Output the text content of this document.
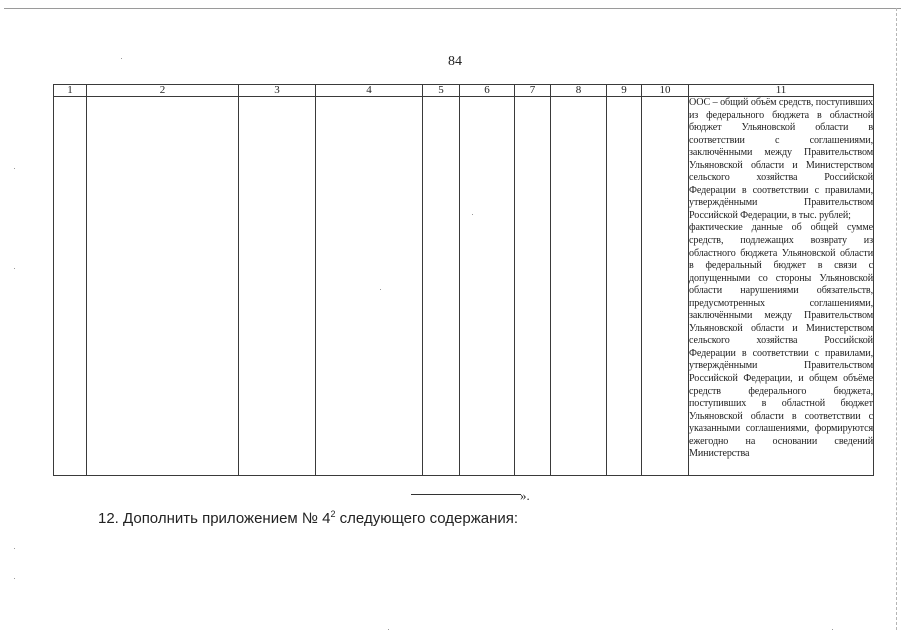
84
1	2	3	4	5	6	7	8	9	10	11

										ООС – общий объём средств, поступивших из федерального бюджета в областной бюджет Ульяновской области в соответствии с соглашениями, заключёнными между Правительством Ульяновской области и Министерством сельского хозяйства Российской Федерации в соответствии с правилами, утверждёнными Правительством Российской Федерации, в тыс. рублей;
фактические данные об общей сумме средств, подлежащих возврату из областного бюджета Ульяновской области в федеральный бюджет в связи с допущенными со стороны Ульяновской области нарушениями обязательств, предусмотренных соглашениями, заключёнными между Правительством Ульяновской области и Министерством сельского хозяйства Российской Федерации в соответствии с правилами, утверждёнными Правительством Российской Федерации, и общем объёме средств федерального бюджета, поступивших в областной бюджет Ульяновской области в соответствии с указанными соглашениями, формируются ежегодно на основании сведений Министерства
».
12. Дополнить приложением № $4^2$ следующего содержания:
